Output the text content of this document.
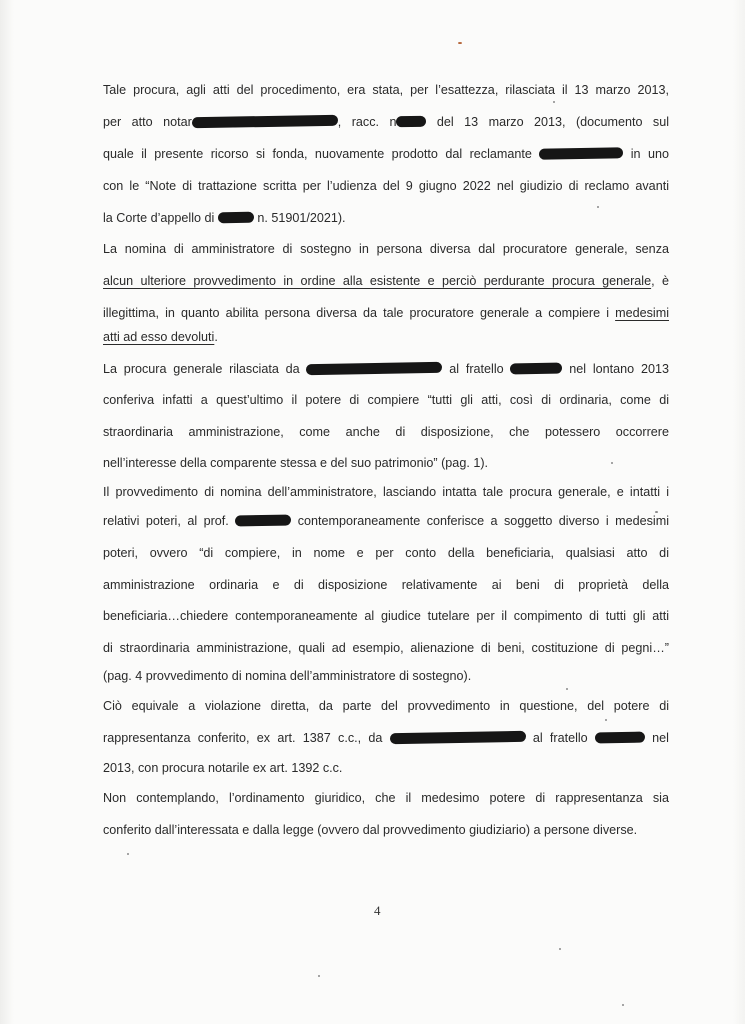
Tale procura, agli atti del procedimento, era stata, per l’esattezza, rilasciata il 13 marzo 2013,
per atto notar	, racc. n del 13 marzo 2013, (documento sul
quale il presente ricorso si fonda, nuovamente prodotto dal reclamante	in uno
con le “Note di trattazione scritta per l’udienza del 9 giugno 2022 nel giudizio di reclamo avanti
la Corte d’appello di	n. 51901/2021).
La nomina di amministratore di sostegno in persona diversa dal procuratore generale, senza
alcun ulteriore provvedimento in ordine alla esistente e perciò perdurante procura generale, è
illegittima, in quanto abilita persona diversa da tale procuratore generale a compiere i medesimi
atti ad esso devoluti.
La procura generale rilasciata da	al fratello	nel lontano 2013
conferiva infatti a quest’ultimo il potere di compiere “tutti gli atti, così di ordinaria, come di
straordinaria amministrazione, come anche di disposizione, che potessero occorrere
nell’interesse della comparente stessa e del suo patrimonio” (pag. 1).
Il provvedimento di nomina dell’amministratore, lasciando intatta tale procura generale, e intatti i
relativi poteri, al prof.	contemporaneamente conferisce a soggetto diverso i medesimi
poteri, ovvero “di compiere, in nome e per conto della beneficiaria, qualsiasi atto di
amministrazione ordinaria e di disposizione relativamente ai beni di proprietà della
beneficiaria…chiedere contemporaneamente al giudice tutelare per il compimento di tutti gli atti
di straordinaria amministrazione, quali ad esempio, alienazione di beni, costituzione di pegni…”
(pag. 4 provvedimento di nomina dell’amministratore di sostegno).
Ciò equivale a violazione diretta, da parte del provvedimento in questione, del potere di
rappresentanza conferito, ex art. 1387 c.c., da	al fratello	nel
2013, con procura notarile ex art. 1392 c.c.
Non contemplando, l’ordinamento giuridico, che il medesimo potere di rappresentanza sia
conferito dall’interessata e dalla legge (ovvero dal provvedimento giudiziario) a persone diverse.
4
